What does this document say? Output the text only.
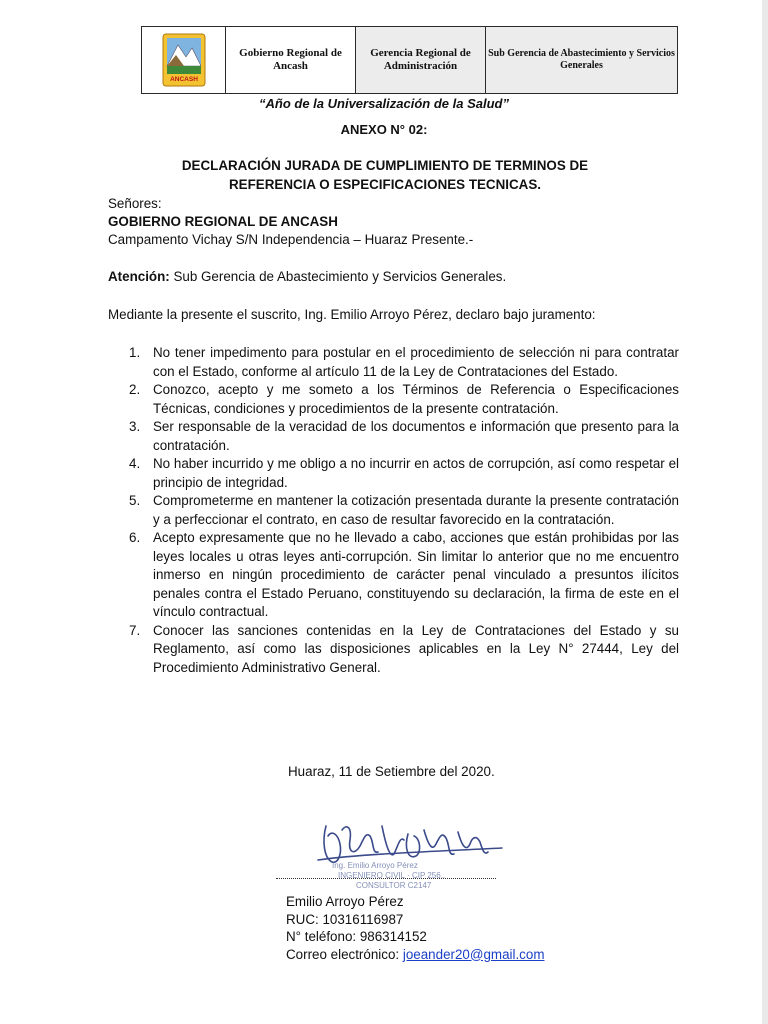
ANCASH
Gobierno Regional de Ancash
Gerencia Regional de Administración
Sub Gerencia de Abastecimiento y Servicios Generales
“Año de la Universalización de la Salud”
ANEXO N° 02:
DECLARACIÓN JURADA DE CUMPLIMIENTO DE TERMINOS DE REFERENCIA O ESPECIFICACIONES TECNICAS.
Señores:
GOBIERNO REGIONAL DE ANCASH
Campamento Vichay S/N Independencia – Huaraz Presente.-
Atención: Sub Gerencia de Abastecimiento y Servicios Generales.
Mediante la presente el suscrito, Ing. Emilio Arroyo Pérez, declaro bajo juramento:
1. No tener impedimento para postular en el procedimiento de selección ni para contratar con el Estado, conforme al artículo 11 de la Ley de Contrataciones del Estado.
2. Conozco, acepto y me someto a los Términos de Referencia o Especificaciones Técnicas, condiciones y procedimientos de la presente contratación.
3. Ser responsable de la veracidad de los documentos e información que presento para la contratación.
4. No haber incurrido y me obligo a no incurrir en actos de corrupción, así como respetar el principio de integridad.
5. Comprometerme en mantener la cotización presentada durante la presente contratación y a perfeccionar el contrato, en caso de resultar favorecido en la contratación.
6. Acepto expresamente que no he llevado a cabo, acciones que están prohibidas por las leyes locales u otras leyes anti-corrupción. Sin limitar lo anterior que no me encuentro inmerso en ningún procedimiento de carácter penal vinculado a presuntos ilícitos penales contra el Estado Peruano, constituyendo su declaración, la firma de este en el vínculo contractual.
7. Conocer las sanciones contenidas en la Ley de Contrataciones del Estado y su Reglamento, así como las disposiciones aplicables en la Ley N° 27444, Ley del Procedimiento Administrativo General.
Huaraz, 11 de Setiembre del 2020.
Ing. Emilio Arroyo Pérez
INGENIERO CIVIL · CIP 256..
CONSULTOR C2147
Emilio Arroyo Pérez
RUC: 10316116987
N° teléfono: 986314152
Correo electrónico: joeander20@gmail.com
